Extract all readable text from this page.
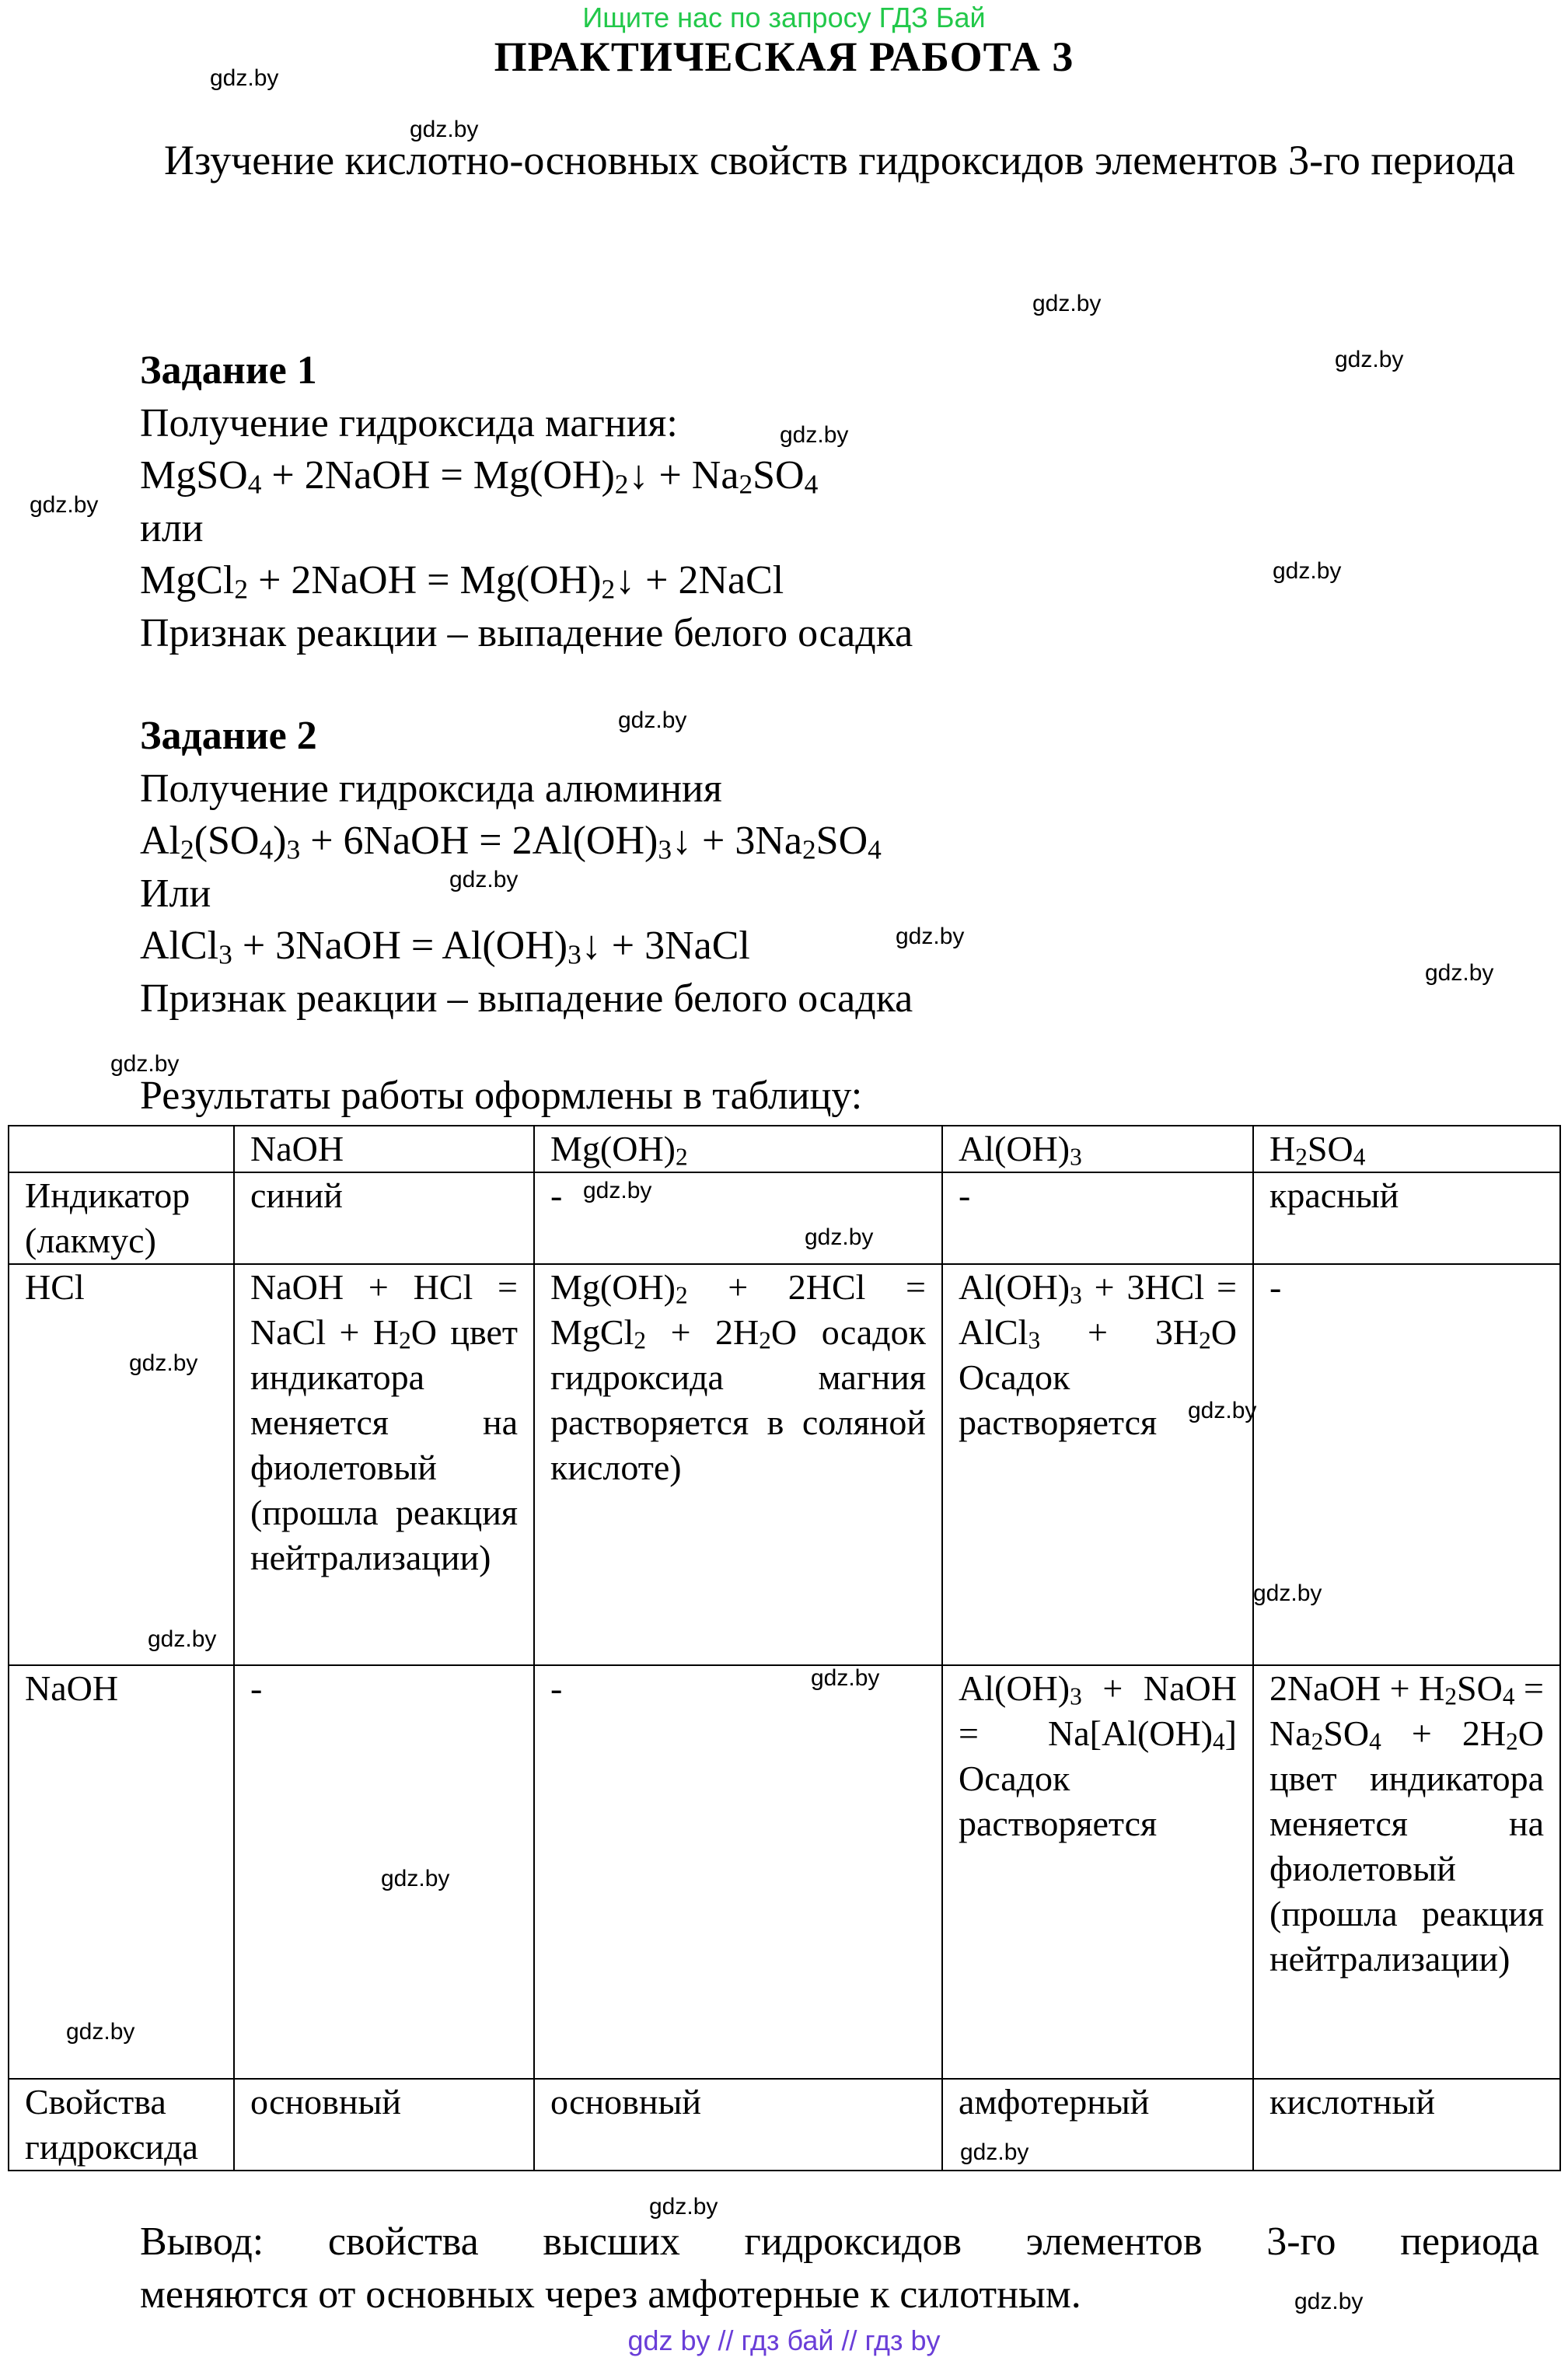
Ищите нас по запросу ГДЗ Бай
ПРАКТИЧЕСКАЯ РАБОТА 3
Изучение кислотно-основных свойств гидроксидов элементов 3-го периода
Задание 1
Получение гидроксида магния:
MgSO$_4$ + 2NaOH = $Mg(OH)_2↓ + Na_2SO_4$
или
MgCl$_2$ + 2NaOH = $Mg(OH)_2↓$ + 2NaCl
Признак реакции – выпадение белого осадка
Задание 2
Получение гидроксида алюминия
$Al_2(SO_4)_3$ + 6NaOH = $2Al(OH)_3↓ + 3Na_2SO_4$
Или
AlCl$_3$ + 3NaOH = $Al(OH)_3↓$ + 3NaCl
Признак реакции – выпадение белого осадка
Результаты работы оформлены в таблицу:
	NaOH	$Mg(OH)_2$	$Al(OH)_3$	$H_2SO_4$
Индикатор (лакмус)	синий	-	-	красный
HCl	NaOH + HCl = NaCl + $H_2O$ цвет индикатора меняется на фиолетовый (прошла реакция нейтрализации)	$Mg(OH)_2 + 2HCl$ = MgCl$_2$ + $2H_2O$ осадок гидроксида магния растворяется в соляной кислоте)	$Al(OH)_3 + 3HCl$ = AlCl$_3$ + $3H_2O$ Осадок растворяется	-
NaOH	-	-	$Al(OH)_3$ + NaOH = $Na[Al(OH)_4]$ Осадок растворяется	2NaOH + $H_2SO_4 = Na_2SO_4 + 2H_2O$ цвет индикатора меняется на фиолетовый (прошла реакция нейтрализации)
Свойства гидроксида	основный	основный	амфотерный	кислотный
Вывод: свойства высших гидроксидов элементов 3-го периода
меняются от основных через амфотерные к силотным.
gdz.by
gdz.by
gdz.by
gdz.by
gdz.by
gdz.by
gdz.by
gdz.by
gdz.by
gdz.by
gdz.by
gdz.by
gdz.by
gdz.by
gdz.by
gdz.by
gdz.by
gdz.by
gdz.by
gdz.by
gdz.by
gdz.by
gdz.by
gdz.by
gdz by // гдз бай // гдз by
